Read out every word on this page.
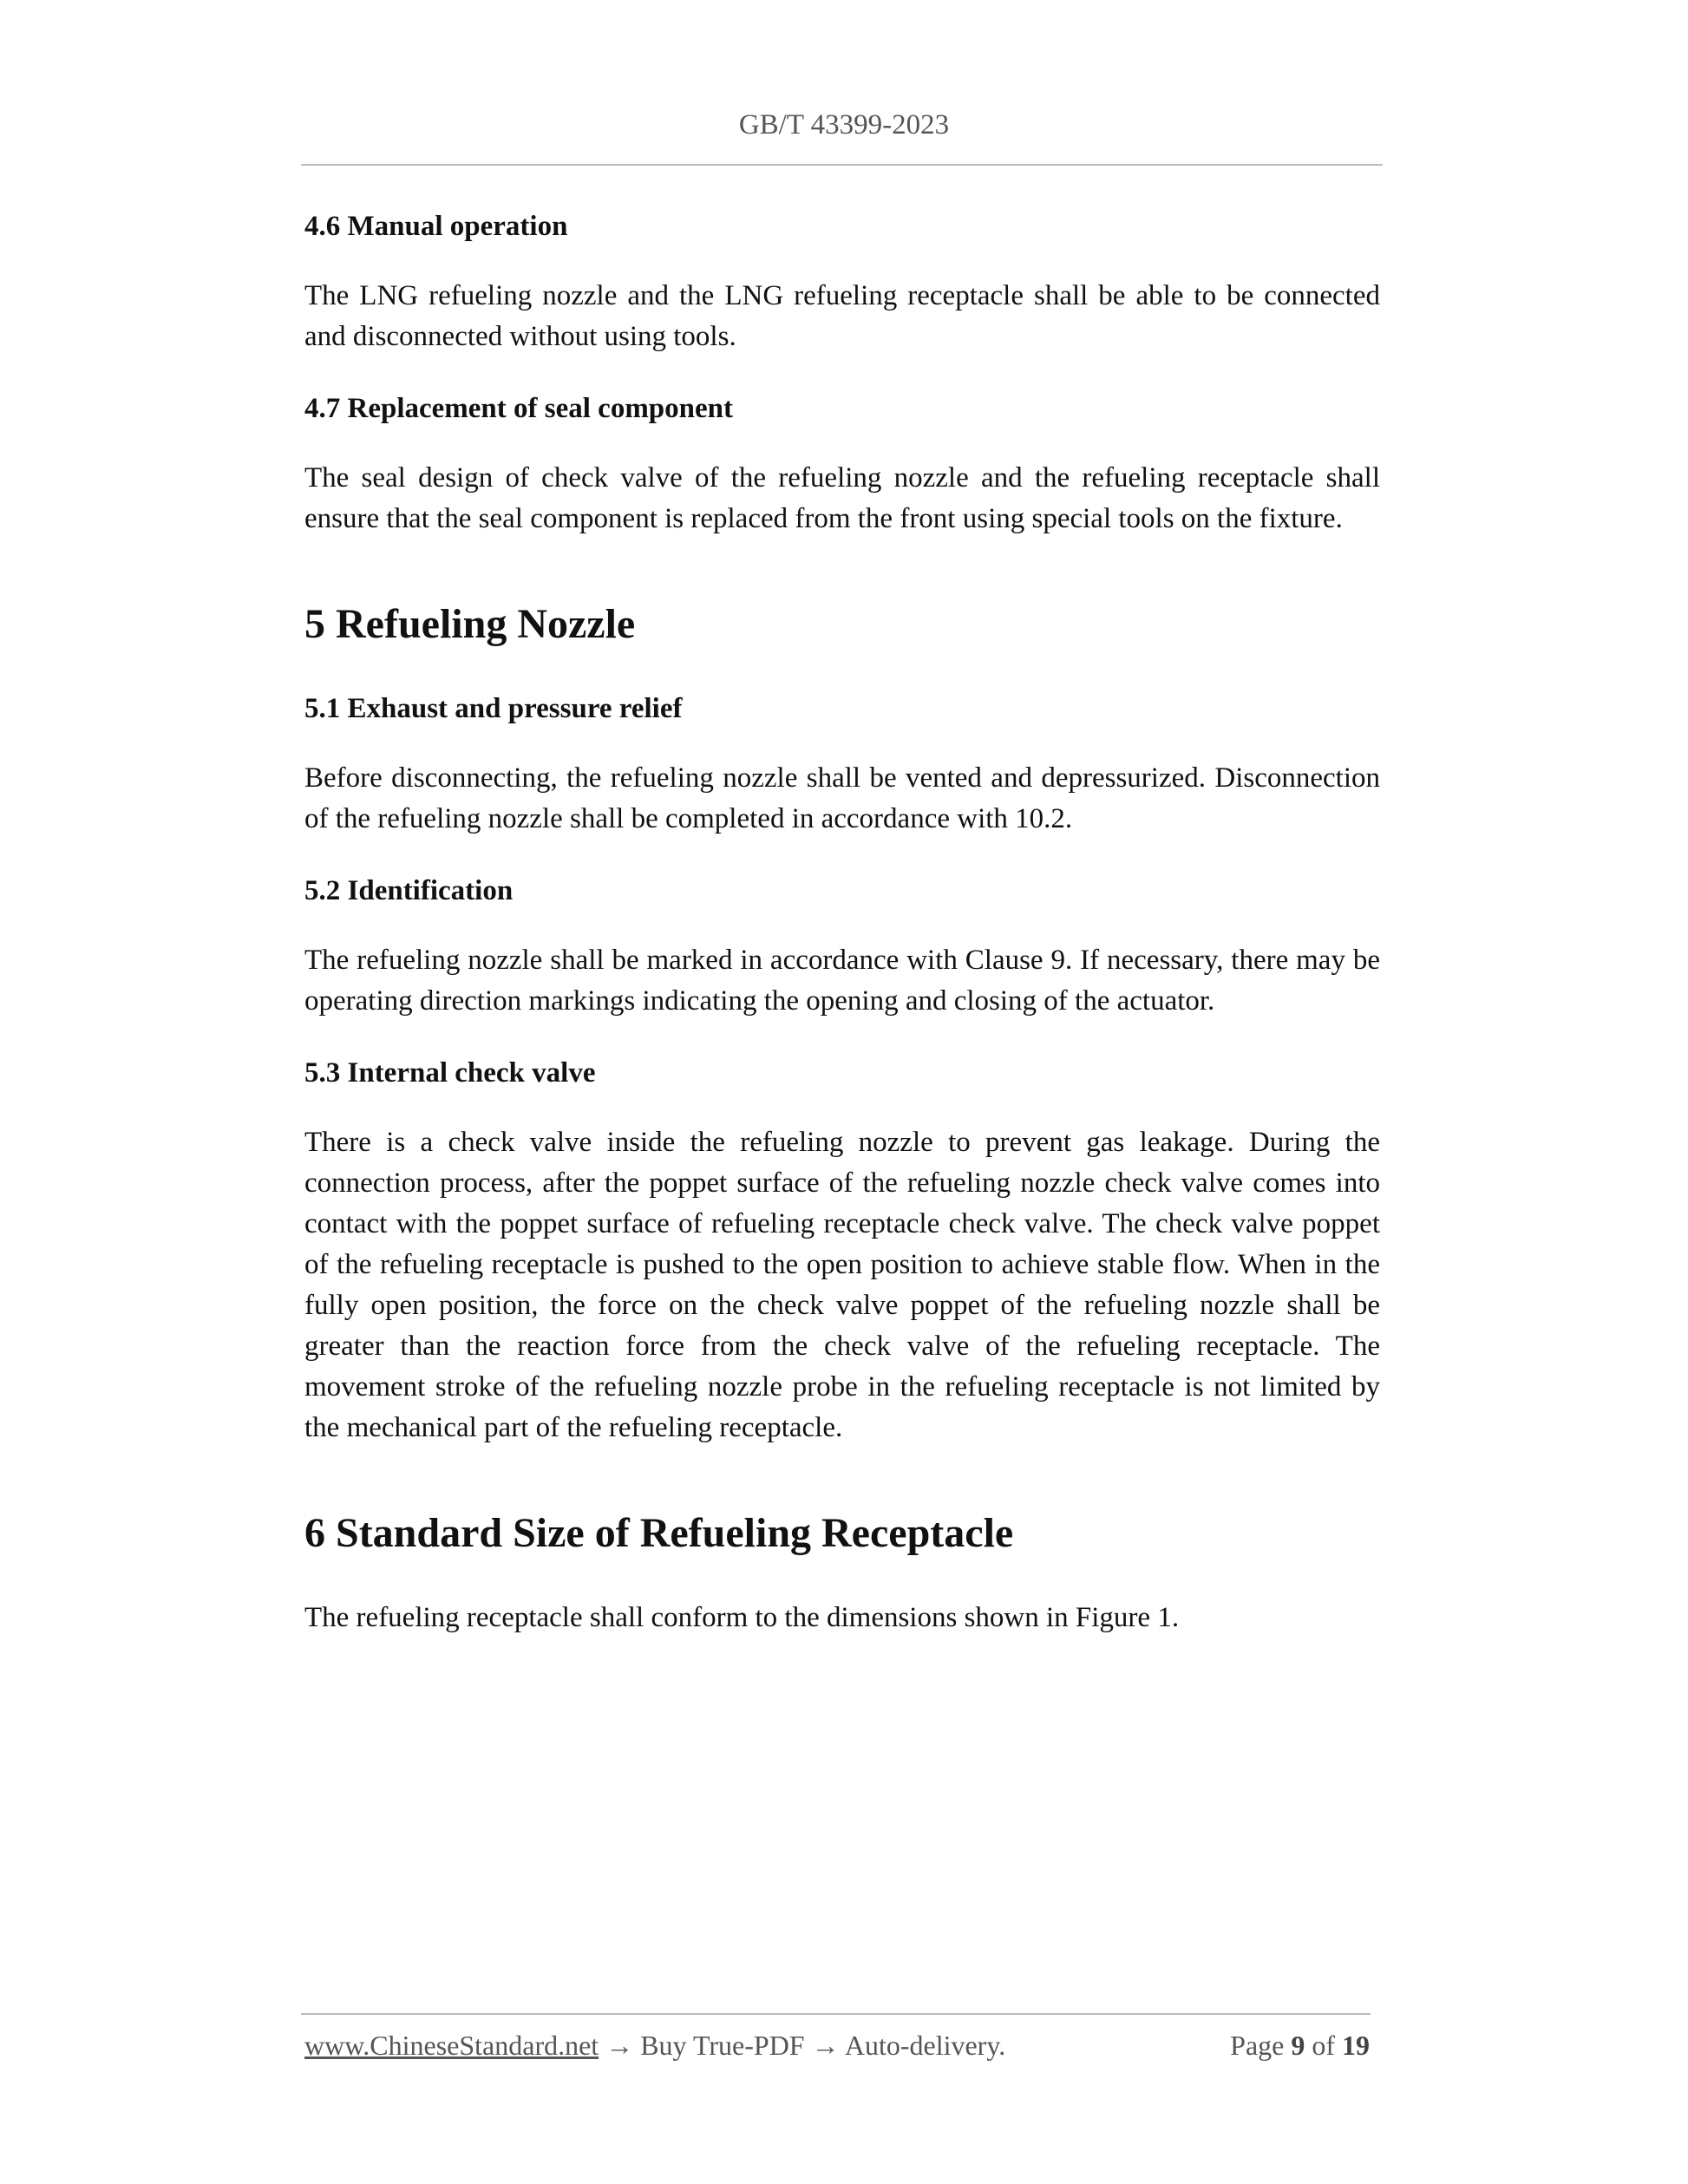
GB/T 43399-2023
4.6 Manual operation

The LNG refueling nozzle and the LNG refueling receptacle shall be able to be connected and disconnected without using tools.

4.7 Replacement of seal component

The seal design of check valve of the refueling nozzle and the refueling receptacle shall ensure that the seal component is replaced from the front using special tools on the fixture.

5 Refueling Nozzle
5.1 Exhaust and pressure relief

Before disconnecting, the refueling nozzle shall be vented and depressurized. Disconnection of the refueling nozzle shall be completed in accordance with 10.2.

5.2 Identification

The refueling nozzle shall be marked in accordance with Clause 9. If necessary, there may be operating direction markings indicating the opening and closing of the actuator.

5.3 Internal check valve

There is a check valve inside the refueling nozzle to prevent gas leakage. During the connection process, after the poppet surface of the refueling nozzle check valve comes into contact with the poppet surface of refueling receptacle check valve. The check valve poppet of the refueling receptacle is pushed to the open position to achieve stable flow. When in the fully open position, the force on the check valve poppet of the refueling nozzle shall be greater than the reaction force from the check valve of the refueling receptacle. The movement stroke of the refueling nozzle probe in the refueling receptacle is not limited by the mechanical part of the refueling receptacle.

6 Standard Size of Refueling Receptacle

The refueling receptacle shall conform to the dimensions shown in Figure 1.

www.ChineseStandard.net → Buy True-PDF → Auto-delivery.	Page 9 of 19
